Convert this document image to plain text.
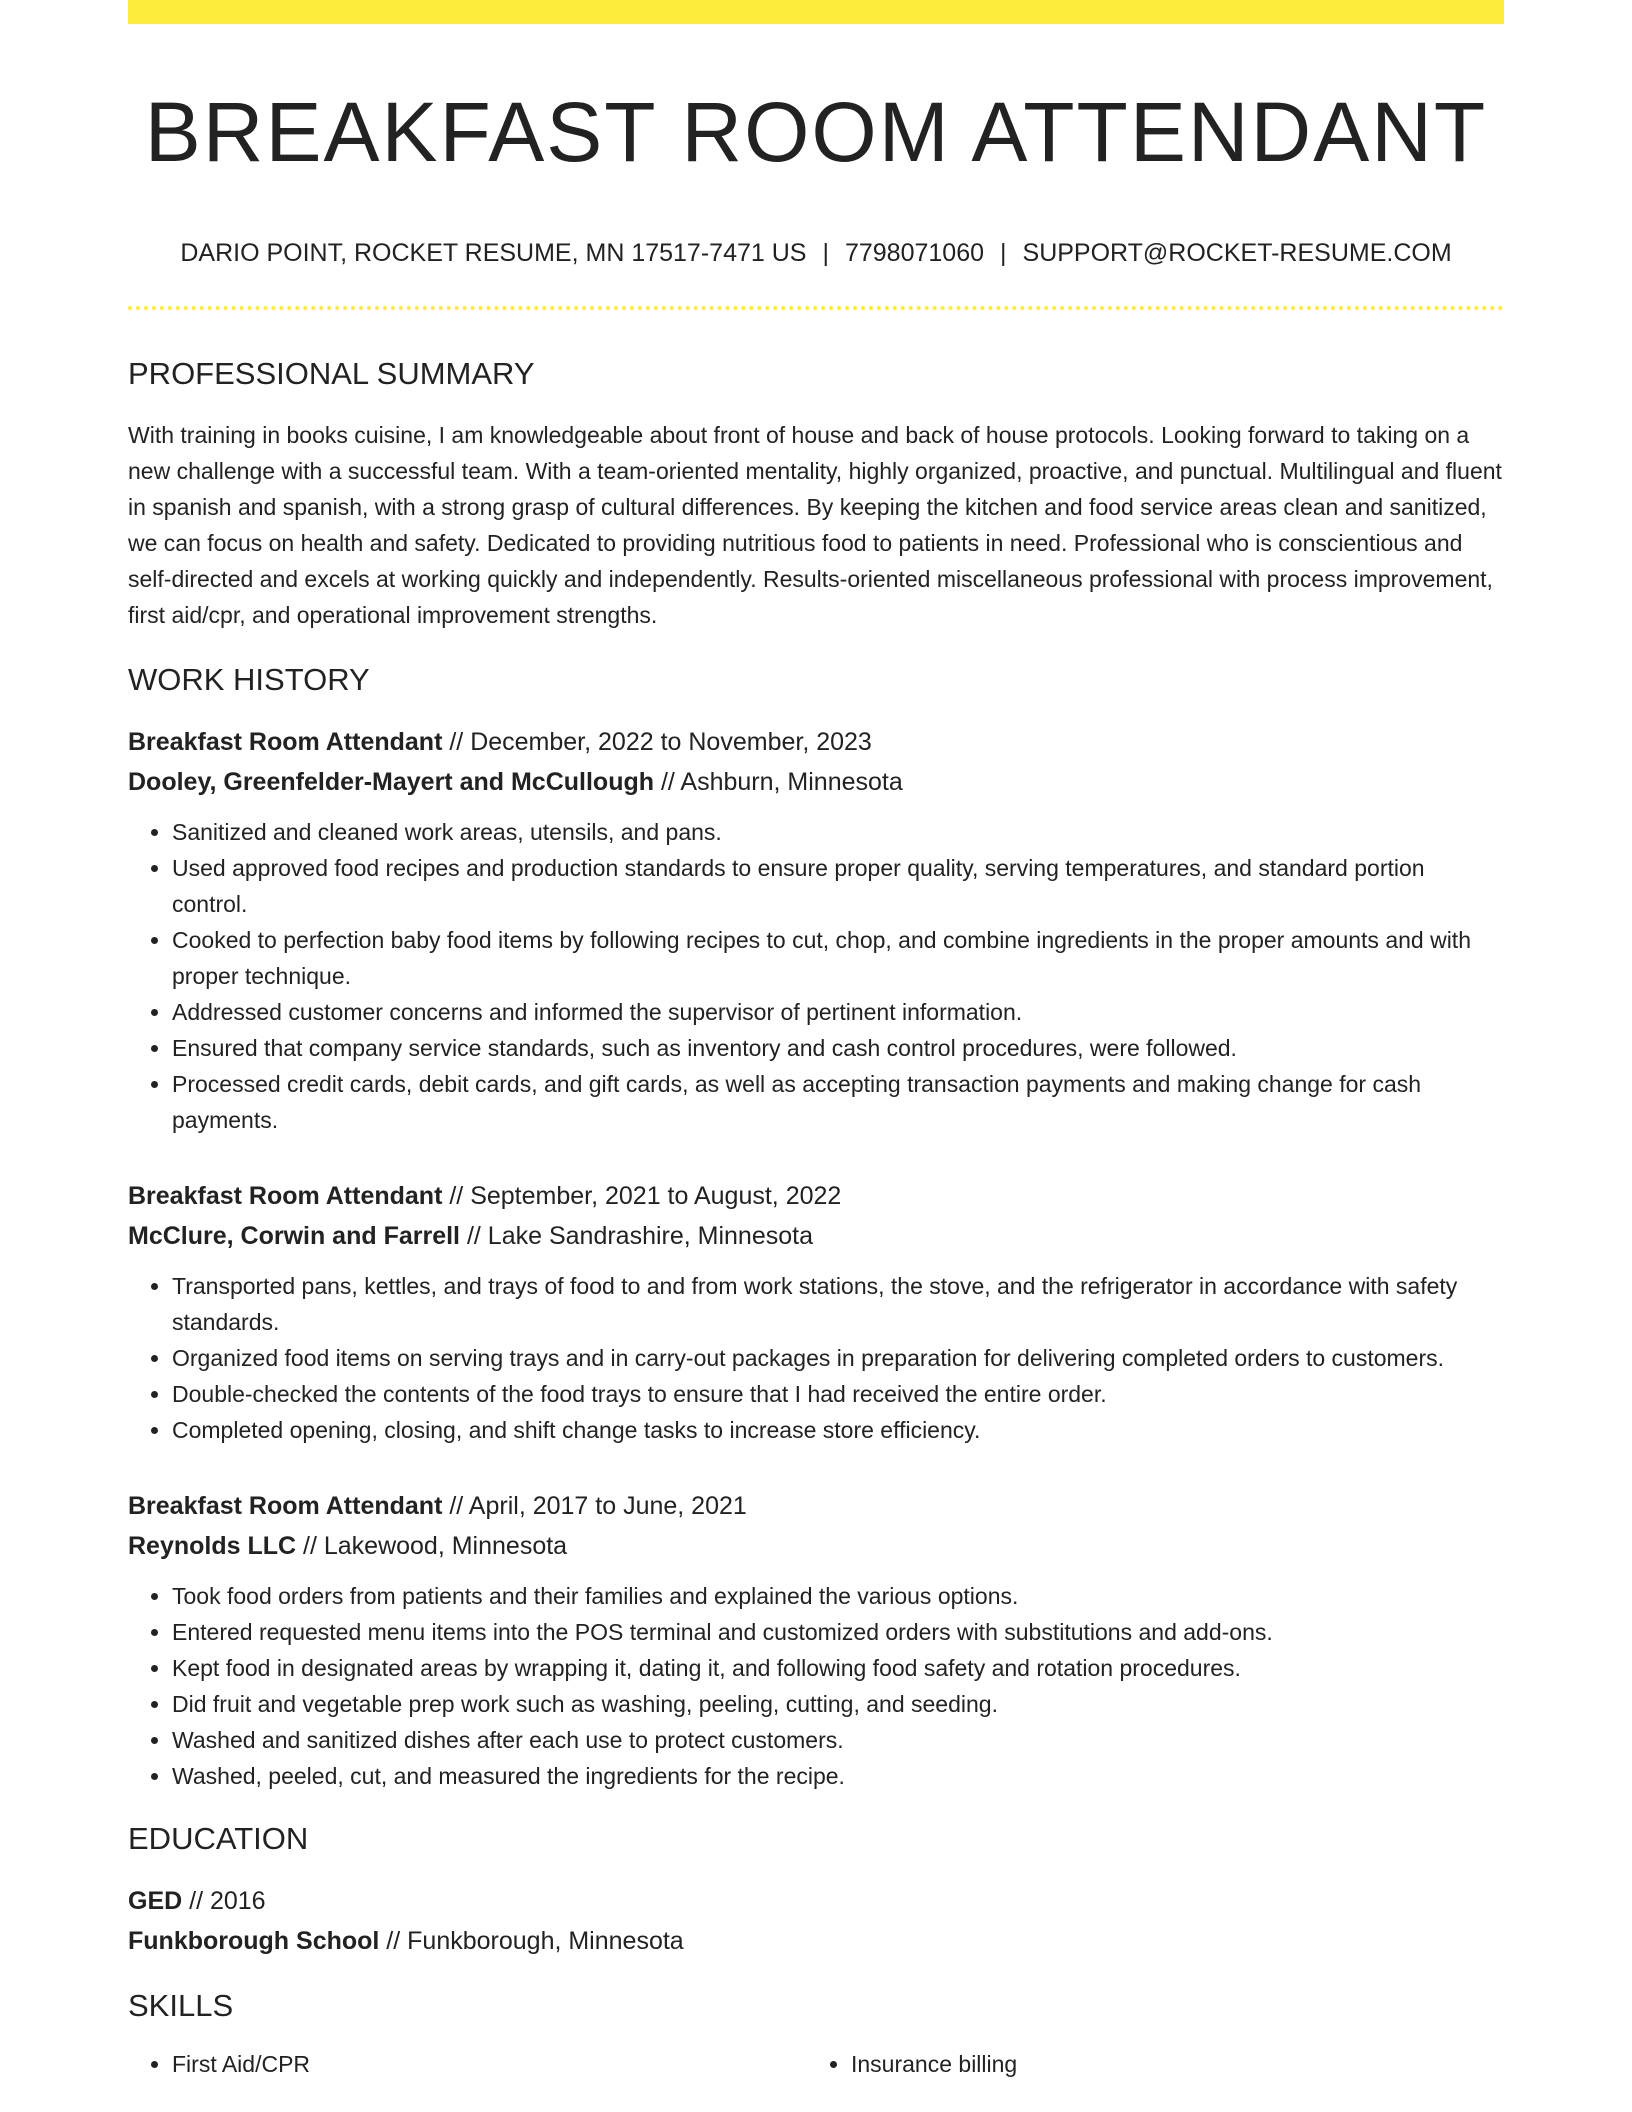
BREAKFAST ROOM ATTENDANT
DARIO POINT, ROCKET RESUME, MN 17517-7471 US | 7798071060 | SUPPORT@ROCKET-RESUME.COM
PROFESSIONAL SUMMARY

With training in books cuisine, I am knowledgeable about front of house and back of house protocols. Looking forward to taking on a new challenge with a successful team. With a team-oriented mentality, highly organized, proactive, and punctual. Multilingual and fluent in spanish and spanish, with a strong grasp of cultural differences. By keeping the kitchen and food service areas clean and sanitized, we can focus on health and safety. Dedicated to providing nutritious food to patients in need. Professional who is conscientious and self-directed and excels at working quickly and independently. Results-oriented miscellaneous professional with process improvement, first aid/cpr, and operational improvement strengths.

WORK HISTORY
Breakfast Room Attendant // December, 2022 to November, 2023
Dooley, Greenfelder-Mayert and McCullough // Ashburn, Minnesota
• Sanitized and cleaned work areas, utensils, and pans.
• Used approved food recipes and production standards to ensure proper quality, serving temperatures, and standard portion control.
• Cooked to perfection baby food items by following recipes to cut, chop, and combine ingredients in the proper amounts and with proper technique.
• Addressed customer concerns and informed the supervisor of pertinent information.
• Ensured that company service standards, such as inventory and cash control procedures, were followed.
• Processed credit cards, debit cards, and gift cards, as well as accepting transaction payments and making change for cash payments.
Breakfast Room Attendant // September, 2021 to August, 2022
McClure, Corwin and Farrell // Lake Sandrashire, Minnesota
• Transported pans, kettles, and trays of food to and from work stations, the stove, and the refrigerator in accordance with safety standards.
• Organized food items on serving trays and in carry-out packages in preparation for delivering completed orders to customers.
• Double-checked the contents of the food trays to ensure that I had received the entire order.
• Completed opening, closing, and shift change tasks to increase store efficiency.
Breakfast Room Attendant // April, 2017 to June, 2021
Reynolds LLC // Lakewood, Minnesota
• Took food orders from patients and their families and explained the various options.
• Entered requested menu items into the POS terminal and customized orders with substitutions and add-ons.
• Kept food in designated areas by wrapping it, dating it, and following food safety and rotation procedures.
• Did fruit and vegetable prep work such as washing, peeling, cutting, and seeding.
• Washed and sanitized dishes after each use to protect customers.
• Washed, peeled, cut, and measured the ingredients for the recipe.
EDUCATION
GED // 2016
Funkborough School // Funkborough, Minnesota
SKILLS
• First Aid/CPR
•	Insurance billing
